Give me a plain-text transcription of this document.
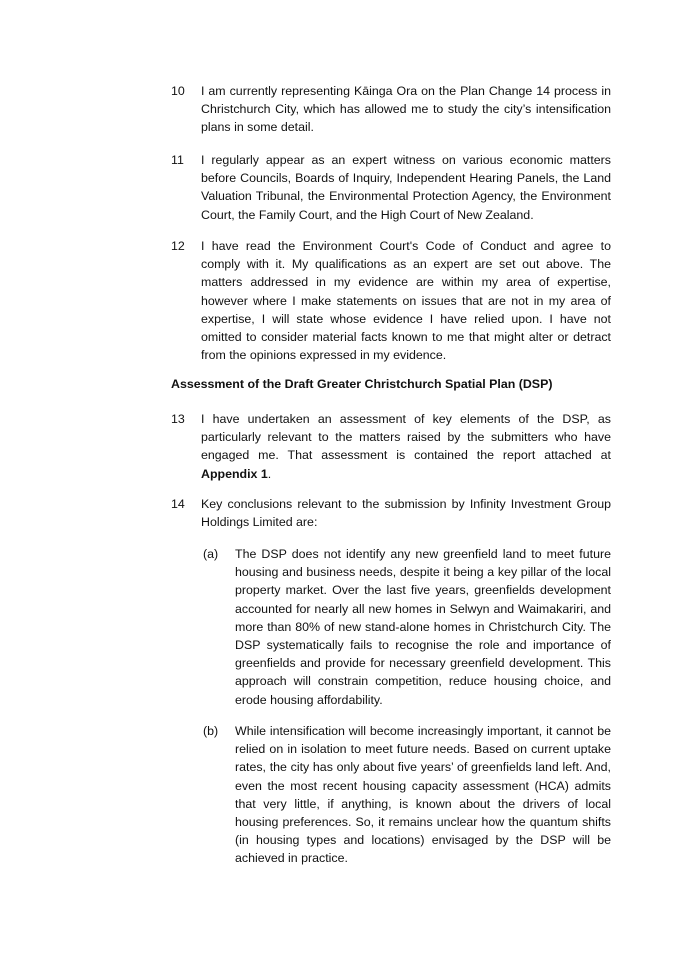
10	I am currently representing Kāinga Ora on the Plan Change 14 process in Christchurch City, which has allowed me to study the city’s intensification plans in some detail.
11	I regularly appear as an expert witness on various economic matters before Councils, Boards of Inquiry, Independent Hearing Panels, the Land Valuation Tribunal, the Environmental Protection Agency, the Environment Court, the Family Court, and the High Court of New Zealand.
12	I have read the Environment Court's Code of Conduct and agree to comply with it. My qualifications as an expert are set out above. The matters addressed in my evidence are within my area of expertise, however where I make statements on issues that are not in my area of expertise, I will state whose evidence I have relied upon. I have not omitted to consider material facts known to me that might alter or detract from the opinions expressed in my evidence.
Assessment of the Draft Greater Christchurch Spatial Plan (DSP)
13	I have undertaken an assessment of key elements of the DSP, as particularly relevant to the matters raised by the submitters who have engaged me. That assessment is contained the report attached at Appendix 1.
14	Key conclusions relevant to the submission by Infinity Investment Group Holdings Limited are:
(a)	The DSP does not identify any new greenfield land to meet future housing and business needs, despite it being a key pillar of the local property market. Over the last five years, greenfields development accounted for nearly all new homes in Selwyn and Waimakariri, and more than 80% of new stand-alone homes in Christchurch City. The DSP systematically fails to recognise the role and importance of greenfields and provide for necessary greenfield development. This approach will constrain competition, reduce housing choice, and erode housing affordability.
(b)	While intensification will become increasingly important, it cannot be relied on in isolation to meet future needs. Based on current uptake rates, the city has only about five years’ of greenfields land left. And, even the most recent housing capacity assessment (HCA) admits that very little, if anything, is known about the drivers of local housing preferences. So, it remains unclear how the quantum shifts (in housing types and locations) envisaged by the DSP will be achieved in practice.
